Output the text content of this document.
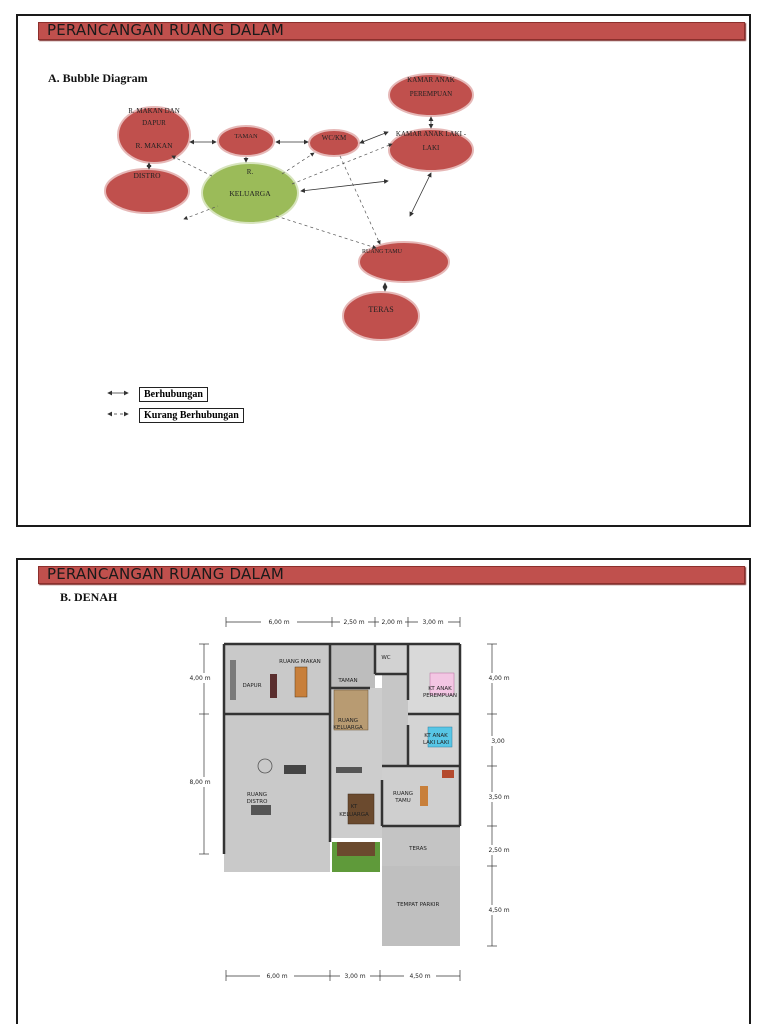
PERANCANGAN RUANG DALAM
A. Bubble Diagram
R. MAKAN DAN
DAPUR
R. MAKAN
DISTRO	R.
KELUARGA
TAMAN	WC/KM
KAMAR ANAK
PEREMPUAN
KAMAR ANAK LAKI -
LAKI
RUANG TAMU
TERAS
Berhubungan
Kurang Berhubungan
PERANCANGAN RUANG DALAM
B. DENAH
6,00 m	2,50 m	2,00 m	3,00 m
6,00 m	3,00 m	4,50 m
4,00 m
8,00 m
4,00 m
3,00
3,50 m
2,50 m
4,50 m
RUANG MAKAN
DAPUR
TAMAN
WC
KT ANAK
PEREMPUAN
RUANG
KELUARGA
KT ANAK
LAKI LAKI
RUANG
DISTRO
KT
KELUARGA
RUANG
TAMU
TERAS
TEMPAT PARKIR
